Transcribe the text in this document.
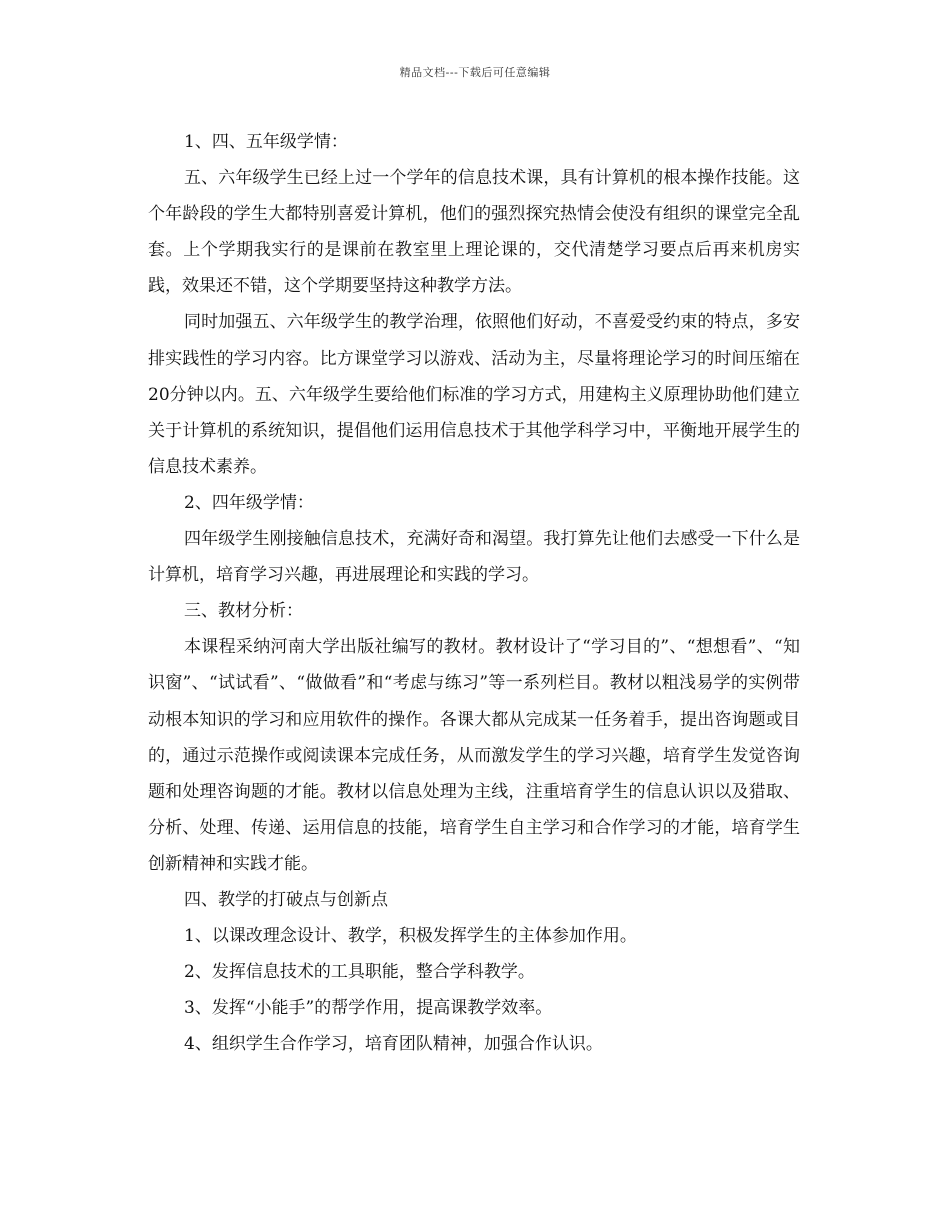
精品文档---下载后可任意编辑

1、四、五年级学情：

五、六年级学生已经上过一个学年的信息技术课，具有计算机的根本操作技能。这个年龄段的学生大都特别喜爱计算机，他们的强烈探究热情会使没有组织的课堂完全乱套。上个学期我实行的是课前在教室里上理论课的，交代清楚学习要点后再来机房实践，效果还不错，这个学期要坚持这种教学方法。

同时加强五、六年级学生的教学治理，依照他们好动，不喜爱受约束的特点，多安排实践性的学习内容。比方课堂学习以游戏、活动为主，尽量将理论学习的时间压缩在20分钟以内。五、六年级学生要给他们标准的学习方式，用建构主义原理协助他们建立关于计算机的系统知识，提倡他们运用信息技术于其他学科学习中，平衡地开展学生的信息技术素养。

2、四年级学情：

四年级学生刚接触信息技术，充满好奇和渴望。我打算先让他们去感受一下什么是计算机，培育学习兴趣，再进展理论和实践的学习。

三、教材分析：

本课程采纳河南大学出版社编写的教材。教材设计了“学习目的”、“想想看”、“知识窗”、“试试看”、“做做看”和“考虑与练习”等一系列栏目。教材以粗浅易学的实例带动根本知识的学习和应用软件的操作。各课大都从完成某一任务着手，提出咨询题或目的，通过示范操作或阅读课本完成任务，从而激发学生的学习兴趣，培育学生发觉咨询题和处理咨询题的才能。教材以信息处理为主线，注重培育学生的信息认识以及猎取、分析、处理、传递、运用信息的技能，培育学生自主学习和合作学习的才能，培育学生创新精神和实践才能。

四、教学的打破点与创新点

1、以课改理念设计、教学，积极发挥学生的主体参加作用。

2、发挥信息技术的工具职能，整合学科教学。

3、发挥“小能手”的帮学作用，提高课教学效率。

4、组织学生合作学习，培育团队精神，加强合作认识。
